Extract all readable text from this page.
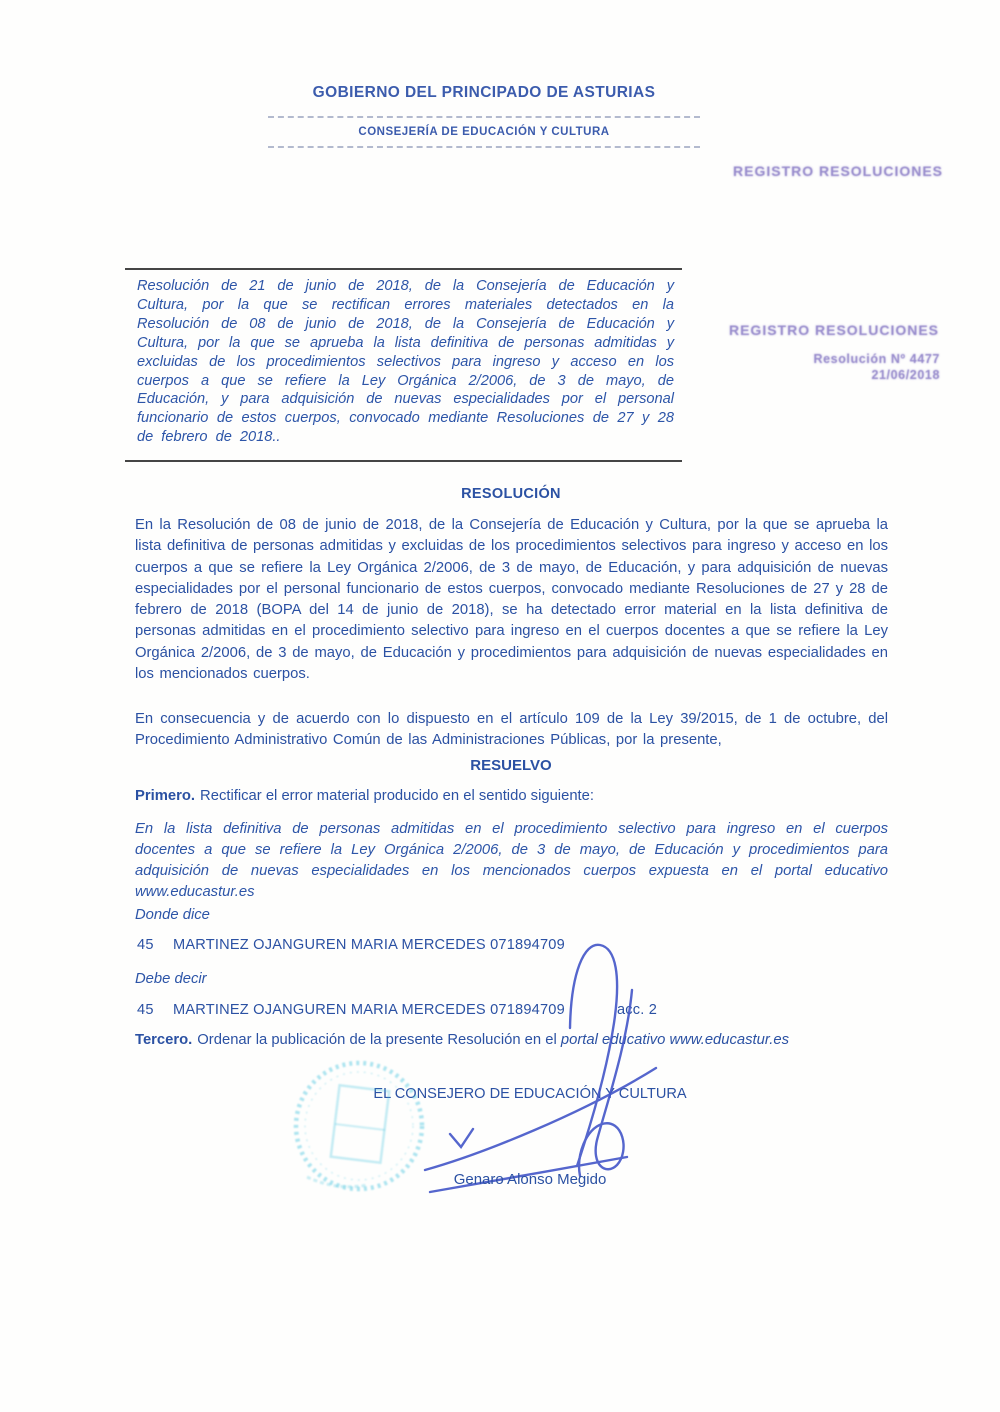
GOBIERNO DEL PRINCIPADO DE ASTURIAS
CONSEJERÍA DE EDUCACIÓN Y CULTURA
REGISTRO RESOLUCIONES
REGISTRO RESOLUCIONES
Resolución Nº 4477
21/06/2018

Resolución de 21 de junio de 2018, de la Consejería de Educación y Cultura, por la que se rectifican errores materiales detectados en la Resolución de 08 de junio de 2018, de la Consejería de Educación y Cultura, por la que se aprueba la lista definitiva de personas admitidas y excluidas de los procedimientos selectivos para ingreso y acceso en los cuerpos a que se refiere la Ley Orgánica 2/2006, de 3 de mayo, de Educación, y para adquisición de nuevas especialidades por el personal funcionario de estos cuerpos, convocado mediante Resoluciones de 27 y 28 de febrero de 2018..

RESOLUCIÓN

En la Resolución de 08 de junio de 2018, de la Consejería de Educación y Cultura, por la que se aprueba la lista definitiva de personas admitidas y excluidas de los procedimientos selectivos para ingreso y acceso en los cuerpos a que se refiere la Ley Orgánica 2/2006, de 3 de mayo, de Educación, y para adquisición de nuevas especialidades por el personal funcionario de estos cuerpos, convocado mediante Resoluciones de 27 y 28 de febrero de 2018 (BOPA del 14 de junio de 2018), se ha detectado error material en la lista definitiva de personas admitidas en el procedimiento selectivo para ingreso en el cuerpos docentes a que se refiere la Ley Orgánica 2/2006, de 3 de mayo, de Educación y procedimientos para adquisición de nuevas especialidades en los mencionados cuerpos.

En consecuencia y de acuerdo con lo dispuesto en el artículo 109 de la Ley 39/2015, de 1 de octubre, del Procedimiento Administrativo Común de las Administraciones Públicas, por la presente,

RESUELVO

Primero. Rectificar el error material producido en el sentido siguiente:

En la lista definitiva de personas admitidas en el procedimiento selectivo para ingreso en el cuerpos docentes a que se refiere la Ley Orgánica 2/2006, de 3 de mayo, de Educación y procedimientos para adquisición de nuevas especialidades en los mencionados cuerpos expuesta en el portal educativo www.educastur.es

Donde dice
45 MARTINEZ OJANGUREN MARIA MERCEDES 071894709
Debe decir
45 MARTINEZ OJANGUREN MARIA MERCEDES 071894709	acc. 2

Tercero. Ordenar la publicación de la presente Resolución en el portal educativo www.educastur.es

EL CONSEJERO DE EDUCACIÓN Y CULTURA
Genaro Alonso Megido
